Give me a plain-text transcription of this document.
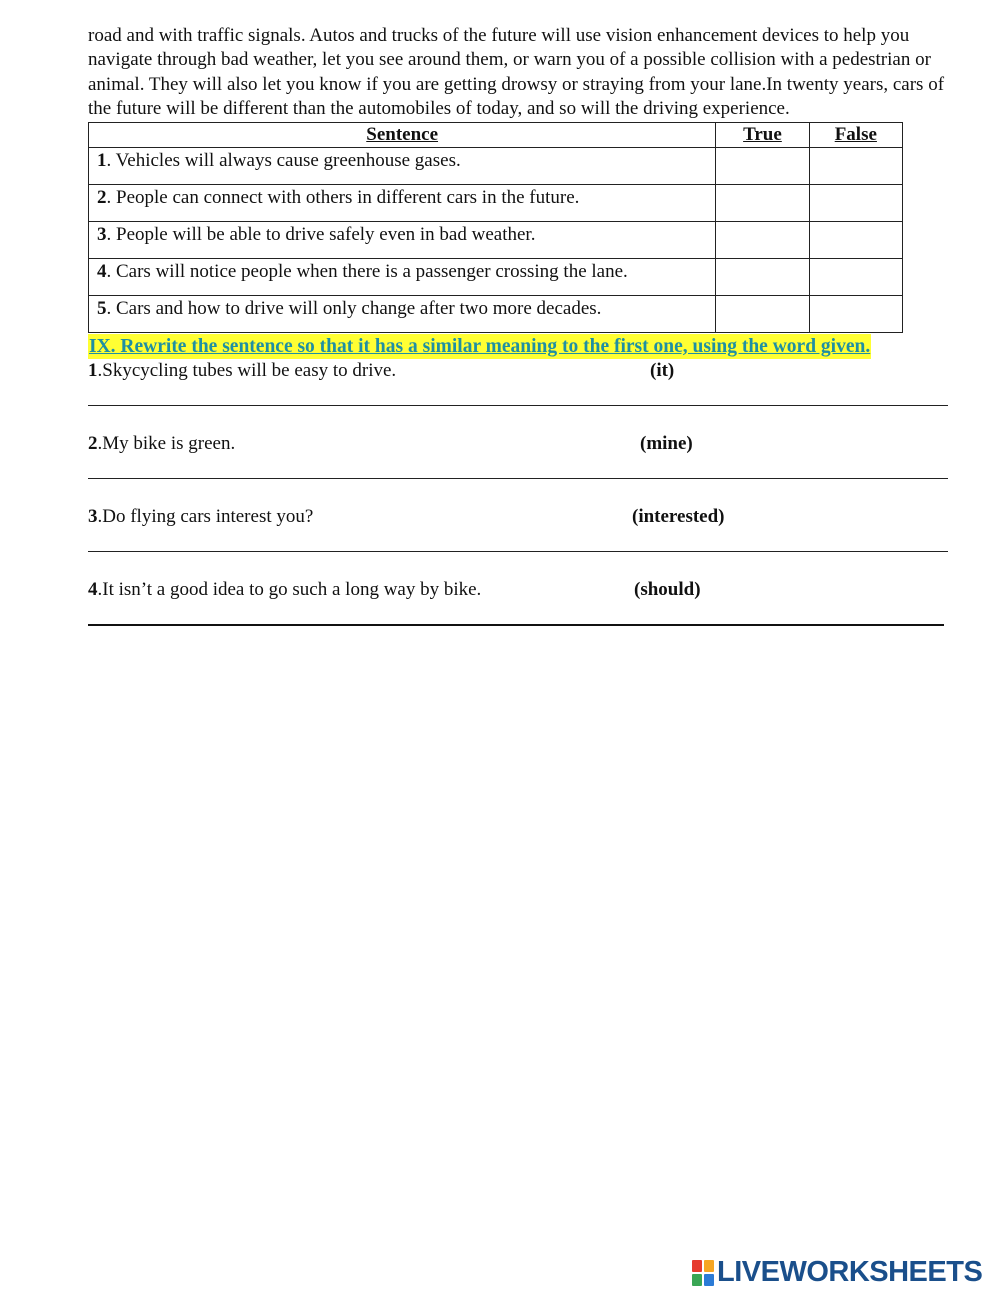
road and with traffic signals. Autos and trucks of the future will use vision enhancement devices to help you navigate through bad weather, let you see around them, or warn you of a possible collision with a pedestrian or animal. They will also let you know if you are getting drowsy or straying from your lane.In twenty years, cars of the future will be different than the automobiles of today, and so will the driving experience.

Sentence	True	False
1. Vehicles will always cause greenhouse gases.		
2. People can connect with others in different cars in the future.		
3. People will be able to drive safely even in bad weather.		
4. Cars will notice people when there is a passenger crossing the lane.		
5. Cars and how to drive will only change after two more decades.		
IX. Rewrite the sentence so that it has a similar meaning to the first one, using the word given.
1.Skycycling tubes will be easy to drive.	(it)
2.My bike is green.	(mine)
3.Do flying cars interest you?	(interested)
4.It isn’t a good idea to go such a long way by bike.	(should)
LIVEWORKSHEETS
